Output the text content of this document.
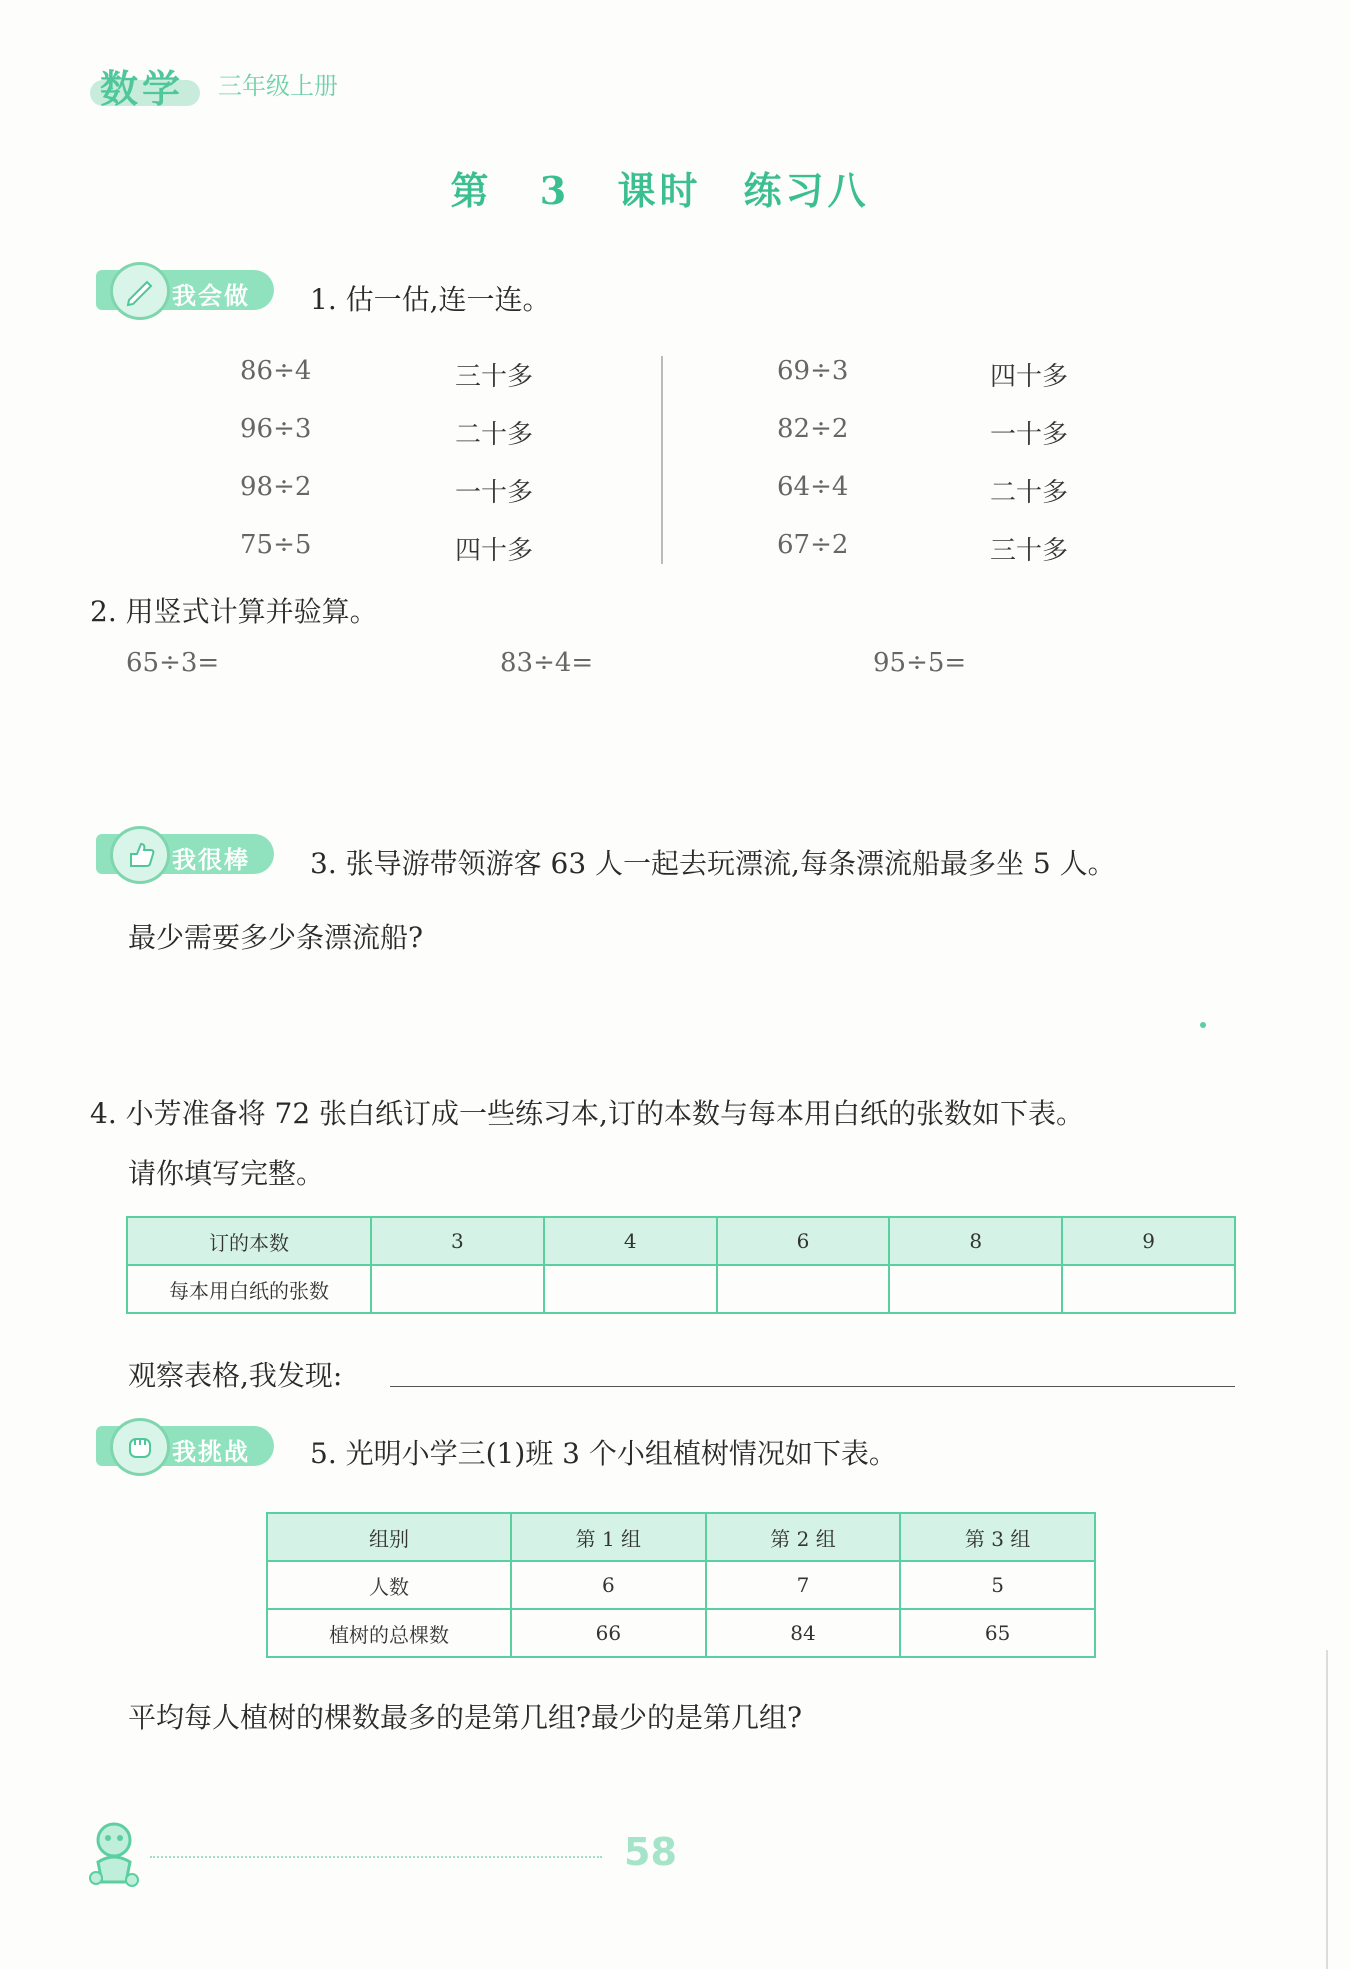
数学 三年级上册
第 3 课时　练习八
我会做 1. 估一估,连一连。
86÷4
96÷3
98÷2
75÷5
三十多
二十多
一十多
四十多
69÷3
82÷2
64÷4
67÷2
四十多
一十多
二十多
三十多
2. 用竖式计算并验算。
65÷3=	83÷4=	95÷5=
我很棒 3. 张导游带领游客 63 人一起去玩漂流,每条漂流船最多坐 5 人。
最少需要多少条漂流船?
4. 小芳准备将 72 张白纸订成一些练习本,订的本数与每本用白纸的张数如下表。
请你填写完整。
订的本数	3	4	6	8	9
每本用白纸的张数					
观察表格,我发现:
我挑战 5. 光明小学三(1)班 3 个小组植树情况如下表。
组别	第 1 组	第 2 组	第 3 组
人数	6	7	5
植树的总棵数	66	84	65
平均每人植树的棵数最多的是第几组?最少的是第几组?
58
